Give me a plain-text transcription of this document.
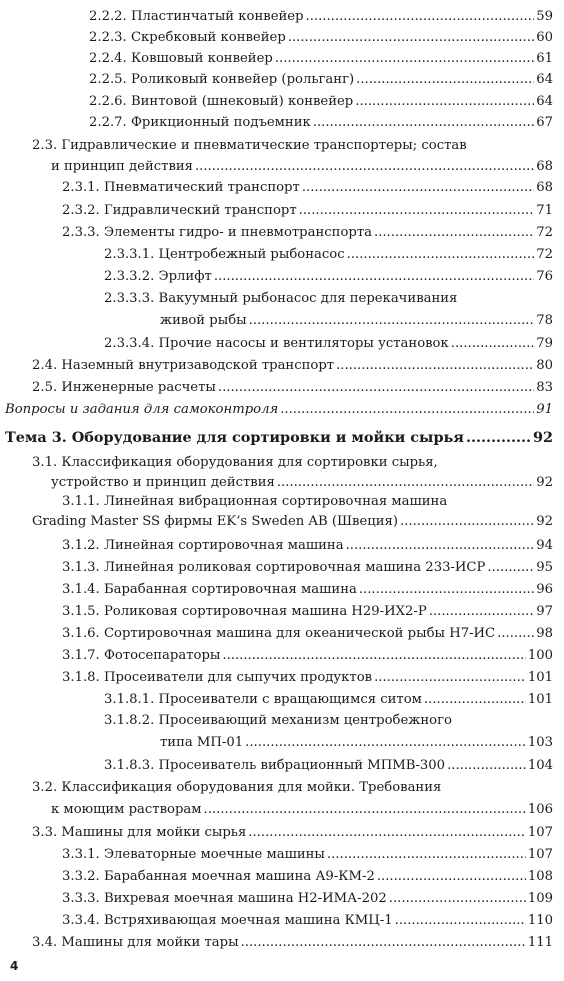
2.2.2. Пластинчатый конвейер .....	59
2.2.3. Скребковый конвейер .....	60
2.2.4. Ковшовый конвейер .....	61
2.2.5. Роликовый конвейер (рольганг) .....	64
2.2.6. Винтовой (шнековый) конвейер .....	64
2.2.7. Фрикционный подъемник .....	67
2.3. Гидравлические и пневматические транспортеры; состав
и принцип действия .....	68
2.3.1. Пневматический транспорт .....	68
2.3.2. Гидравлический транспорт .....	71
2.3.3. Элементы гидро- и пневмотранспорта .....	72
2.3.3.1. Центробежный рыбонасос .....	72
2.3.3.2. Эрлифт .....	76
2.3.3.3. Вакуумный рыбонасос для перекачивания
живой рыбы .....	78
2.3.3.4. Прочие насосы и вентиляторы установок .....	79
2.4. Наземный внутризаводской транспорт .....	80
2.5. Инженерные расчеты .....	83
Вопросы и задания для самоконтроля .....	91
Тема 3. Оборудование для сортировки и мойки сырья .....	92
3.1. Классификация оборудования для сортировки сырья,
устройство и принцип действия .....	92
3.1.1. Линейная вибрационная сортировочная машина
Grading Master SS фирмы EK’s Sweden AB (Швеция) .....	92
3.1.2. Линейная сортировочная машина .....	94
3.1.3. Линейная роликовая сортировочная машина 233-ИСР .....	95
3.1.4. Барабанная сортировочная машина .....	96
3.1.5. Роликовая сортировочная машина Н29-ИХ2-Р .....	97
3.1.6. Сортировочная машина для океанической рыбы Н7-ИС .....	98
3.1.7. Фотосепараторы .....	100
3.1.8. Просеиватели для сыпучих продуктов .....	101
3.1.8.1. Просеиватели с вращающимся ситом .....	101
3.1.8.2. Просеивающий механизм центробежного
типа МП-01 .....	103
3.1.8.3. Просеиватель вибрационный МПМВ-300 .....	104
3.2. Классификация оборудования для мойки. Требования
к моющим растворам .....	106
3.3. Машины для мойки сырья .....	107
3.3.1. Элеваторные моечные машины .....	107
3.3.2. Барабанная моечная машина А9-КМ-2 .....	108
3.3.3. Вихревая моечная машина Н2-ИМА-202 .....	109
3.3.4. Встряхивающая моечная машина КМЦ-1 .....	110
3.4. Машины для мойки тары .....	111
4
